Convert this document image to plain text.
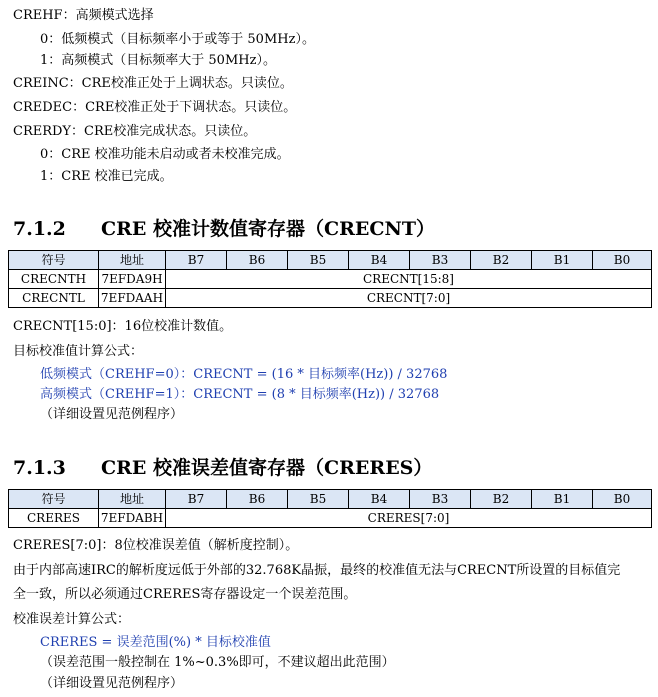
CREHF：高频模式选择
0：低频模式（目标频率小于或等于 50MHz）。
1：高频模式（目标频率大于 50MHz）。
CREINC：CRE校准正处于上调状态。只读位。
CREDEC：CRE校准正处于下调状态。只读位。
CRERDY：CRE校准完成状态。只读位。
0：CRE 校准功能未启动或者未校准完成。
1：CRE 校准已完成。
7.1.2 CRE 校准计数值寄存器（CRECNT）
符号	地址	B7	B6	B5	B4	B3	B2	B1	B0
CRECNTH	7EFDA9H	CRECNT[15:8]							
CRECNTL	7EFDAAH	CRECNT[7:0]							
CRECNT[15:0]：16位校准计数值。
目标校准值计算公式：
低频模式（CREHF=0）：CRECNT = (16 * 目标频率(Hz)) / 32768
高频模式（CREHF=1）：CRECNT = (8 * 目标频率(Hz)) / 32768
（详细设置见范例程序）
7.1.3 CRE 校准误差值寄存器（CRERES）
符号	地址	B7	B6	B5	B4	B3	B2	B1	B0
CRERES	7EFDABH	CRERES[7:0]							
CRERES[7:0]：8位校准误差值（解析度控制）。
由于内部高速IRC的解析度远低于外部的32.768K晶振，最终的校准值无法与CRECNT所设置的目标值完
全一致，所以必须通过CRERES寄存器设定一个误差范围。
校准误差计算公式：
CRERES = 误差范围(%) * 目标校准值
（误差范围一般控制在 1%~0.3%即可，不建议超出此范围）
（详细设置见范例程序）
